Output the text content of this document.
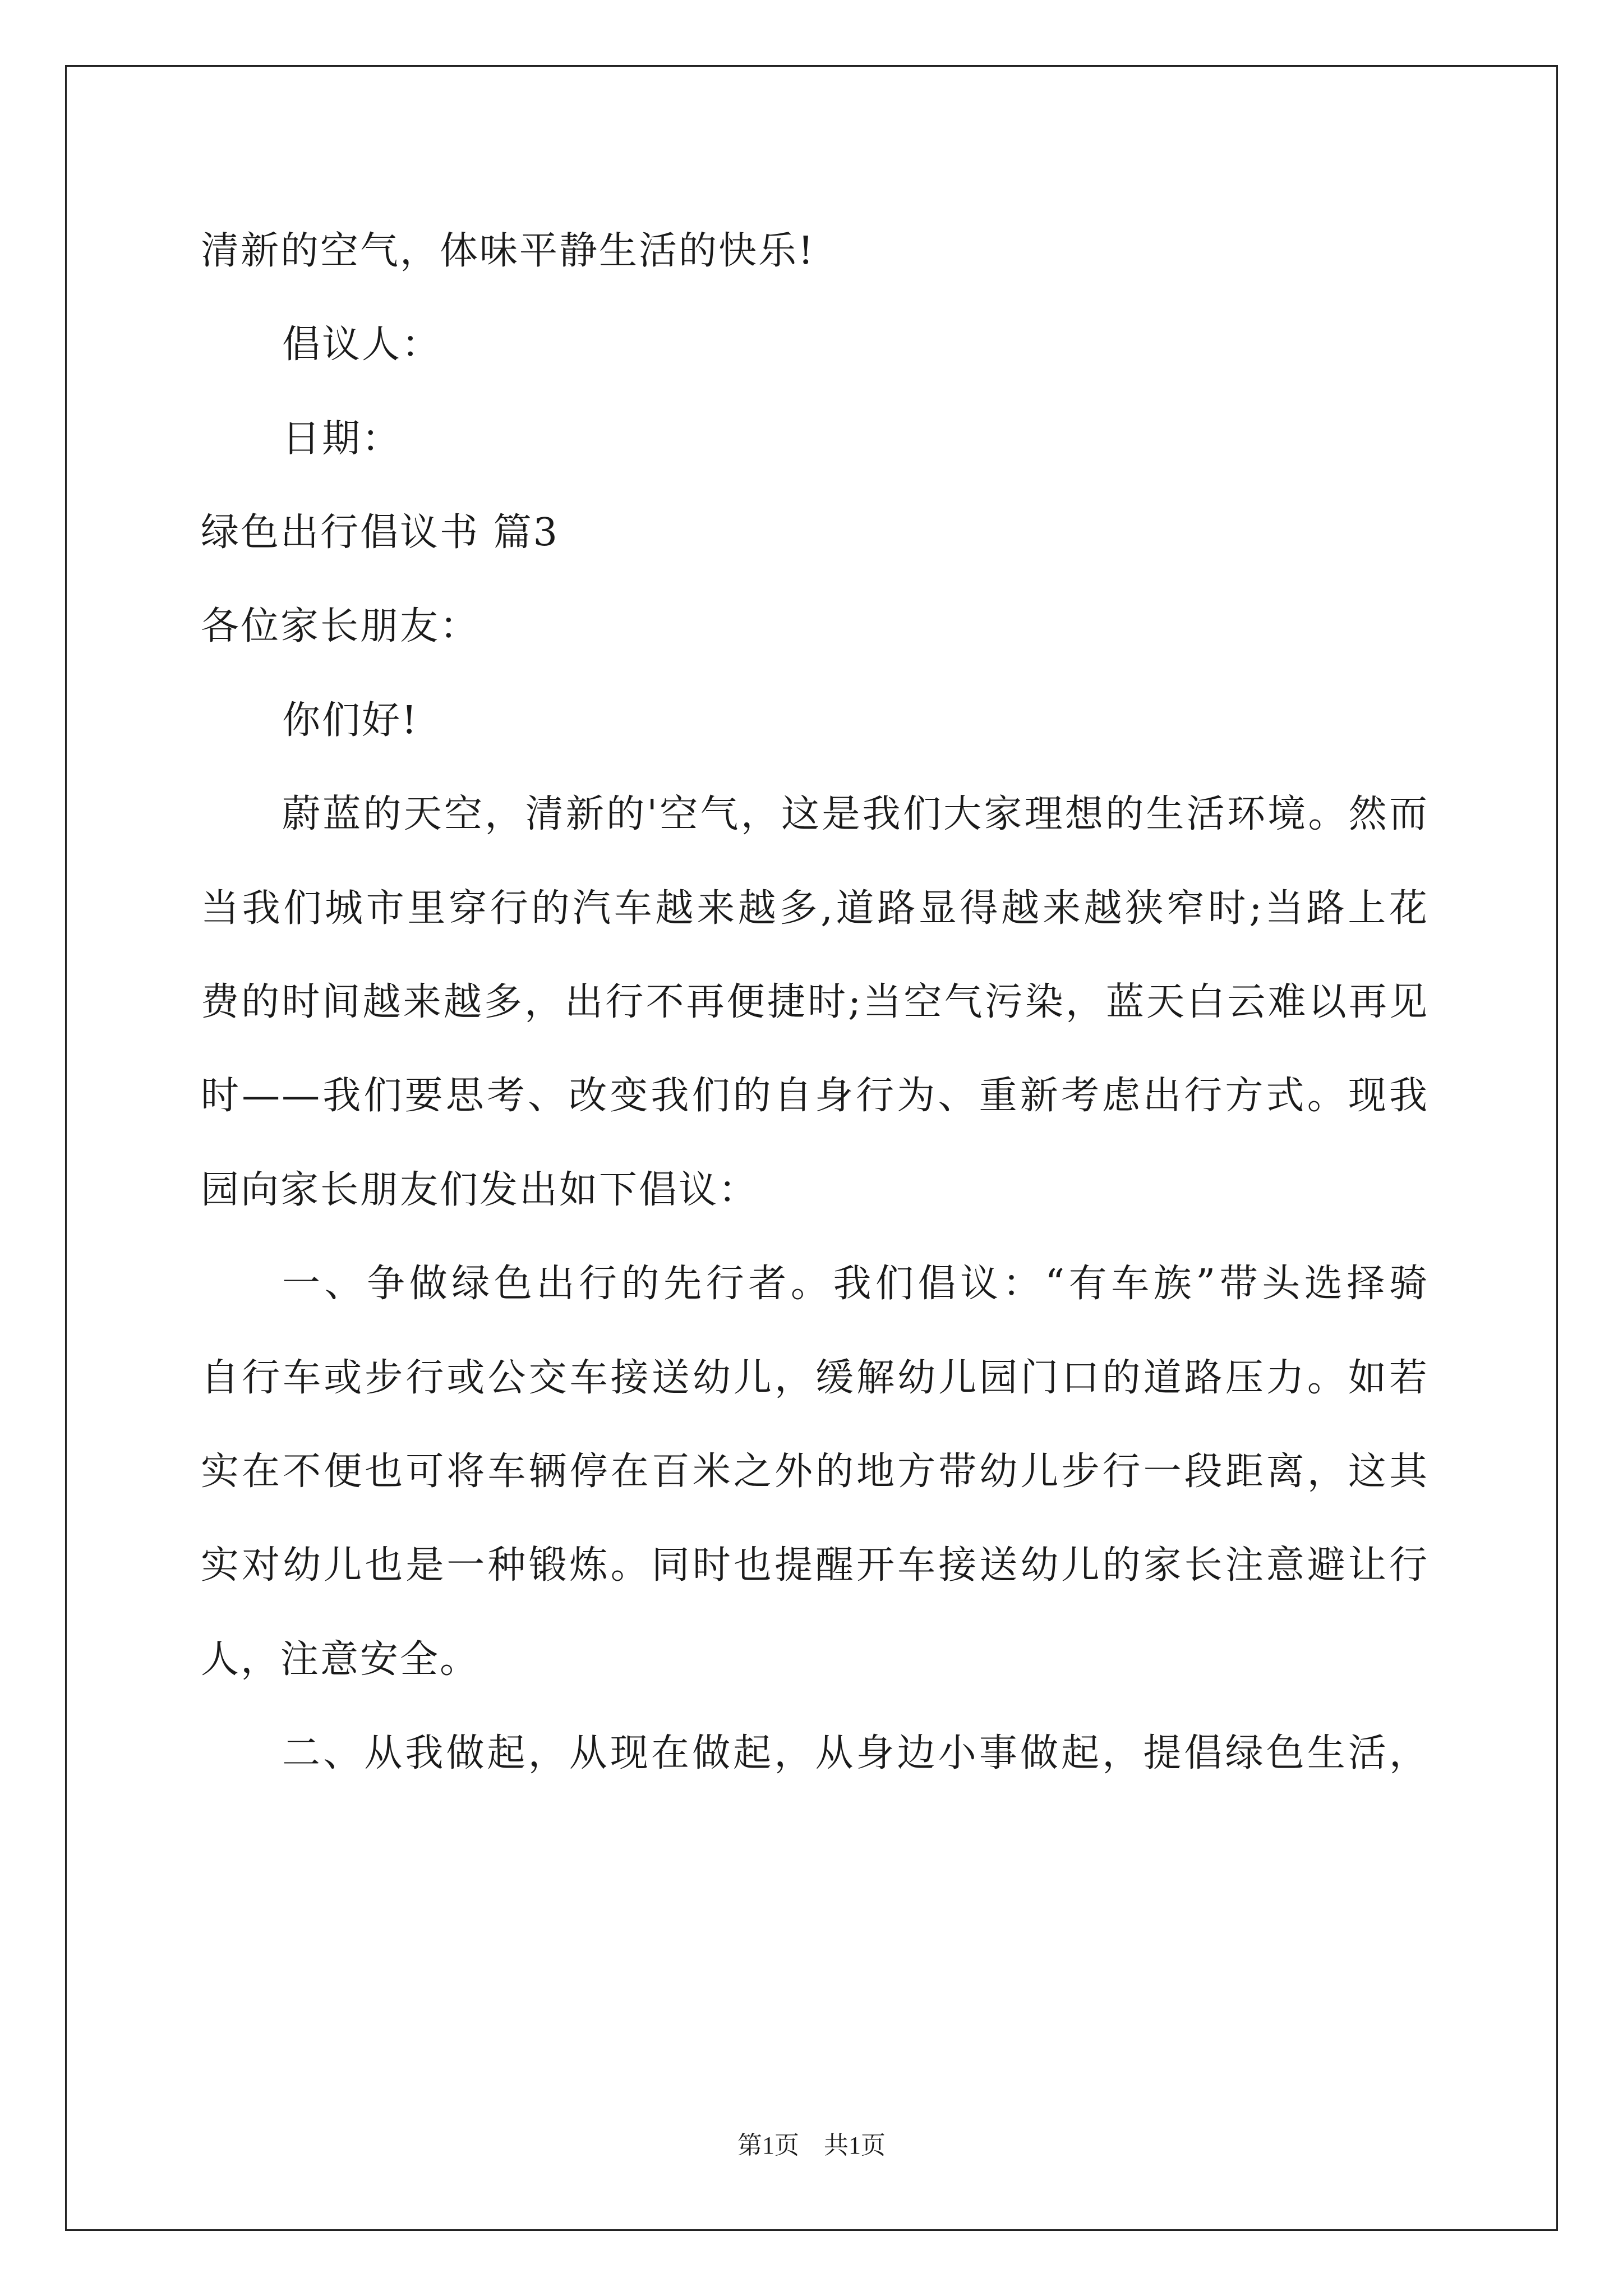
清新的空气，体味平静生活的快乐!
倡议人：
日期：
绿色出行倡议书 篇3
各位家长朋友：
你们好!
蔚蓝的天空，清新的'空气，这是我们大家理想的生活环境。然而
当我们城市里穿行的汽车越来越多,道路显得越来越狭窄时;当路上花
费的时间越来越多，出行不再便捷时;当空气污染，蓝天白云难以再见
时——我们要思考、改变我们的自身行为、重新考虑出行方式。现我
园向家长朋友们发出如下倡议：
一、争做绿色出行的先行者。我们倡议：“有车族”带头选择骑
自行车或步行或公交车接送幼儿，缓解幼儿园门口的道路压力。如若
实在不便也可将车辆停在百米之外的地方带幼儿步行一段距离，这其
实对幼儿也是一种锻炼。同时也提醒开车接送幼儿的家长注意避让行
人，注意安全。
二、从我做起，从现在做起，从身边小事做起，提倡绿色生活，
第1页　共1页
